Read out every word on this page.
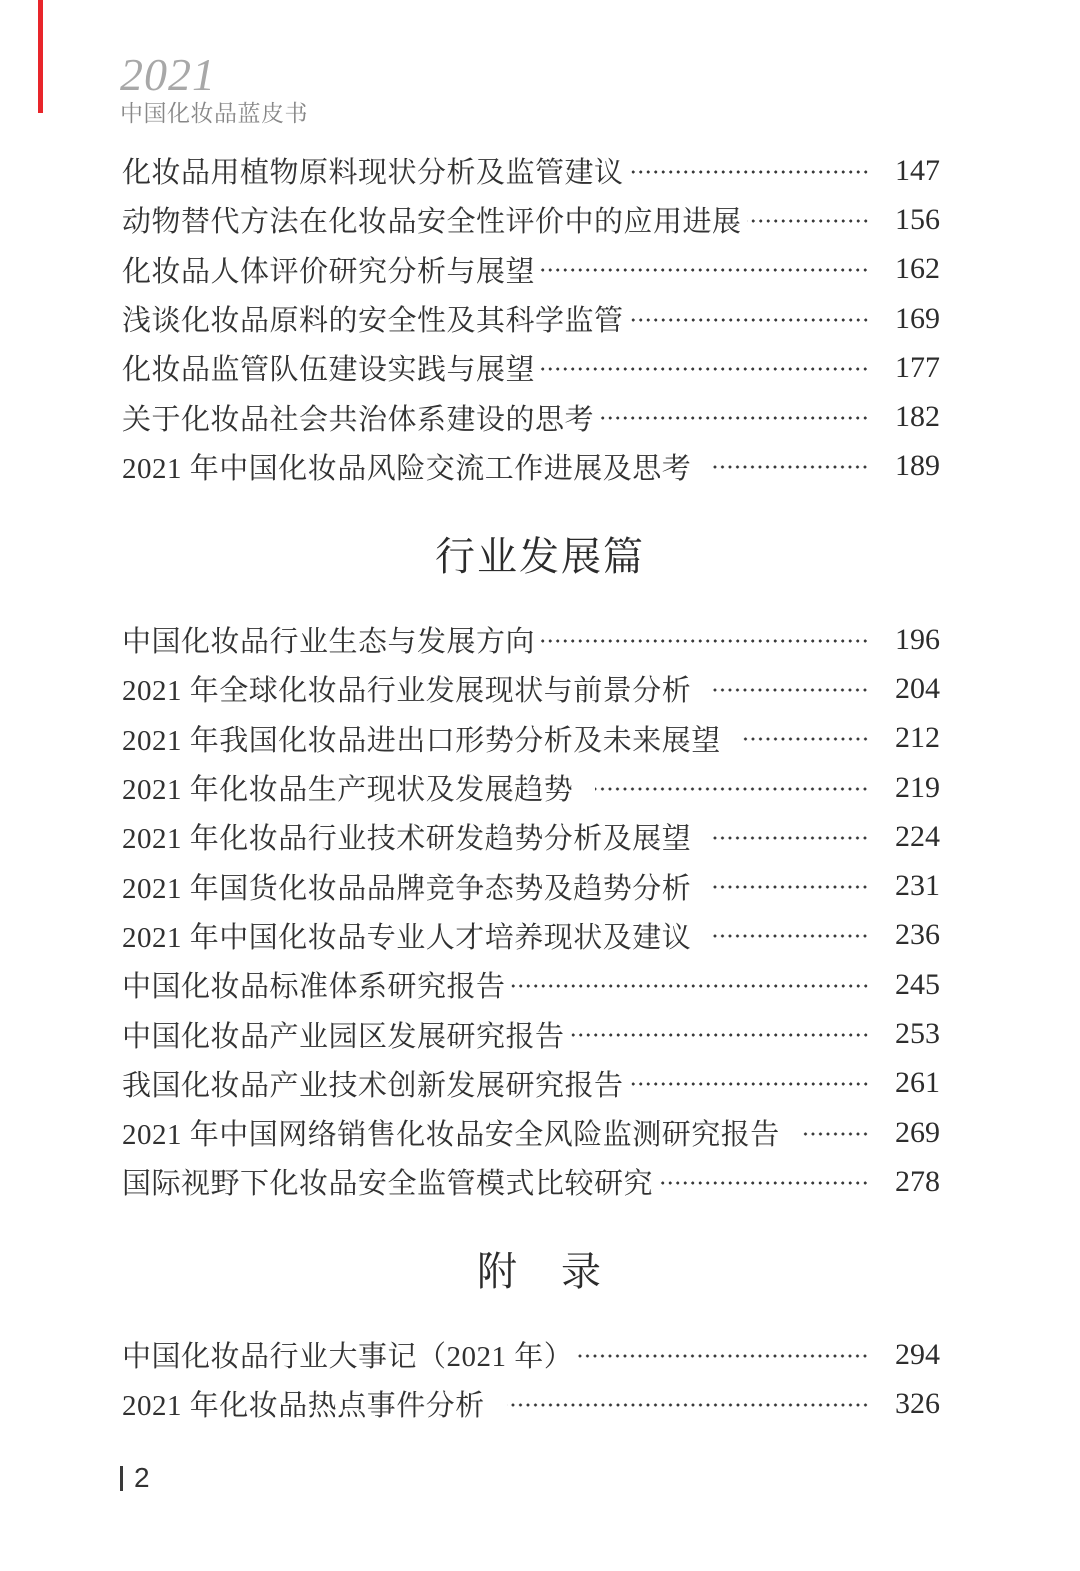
2021
中国化妆品蓝皮书
化妆品用植物原料现状分析及监管建议	147
动物替代方法在化妆品安全性评价中的应用进展	156
化妆品人体评价研究分析与展望	162
浅谈化妆品原料的安全性及其科学监管	169
化妆品监管队伍建设实践与展望	177
关于化妆品社会共治体系建设的思考	182
2021 年中国化妆品风险交流工作进展及思考	189
行业发展篇
中国化妆品行业生态与发展方向	196
2021 年全球化妆品行业发展现状与前景分析	204
2021 年我国化妆品进出口形势分析及未来展望	212
2021 年化妆品生产现状及发展趋势	219
2021 年化妆品行业技术研发趋势分析及展望	224
2021 年国货化妆品品牌竞争态势及趋势分析	231
2021 年中国化妆品专业人才培养现状及建议	236
中国化妆品标准体系研究报告	245
中国化妆品产业园区发展研究报告	253
我国化妆品产业技术创新发展研究报告	261
2021 年中国网络销售化妆品安全风险监测研究报告	269
国际视野下化妆品安全监管模式比较研究	278
附　录
中国化妆品行业大事记（2021 年）	294
2021 年化妆品热点事件分析	326
2
